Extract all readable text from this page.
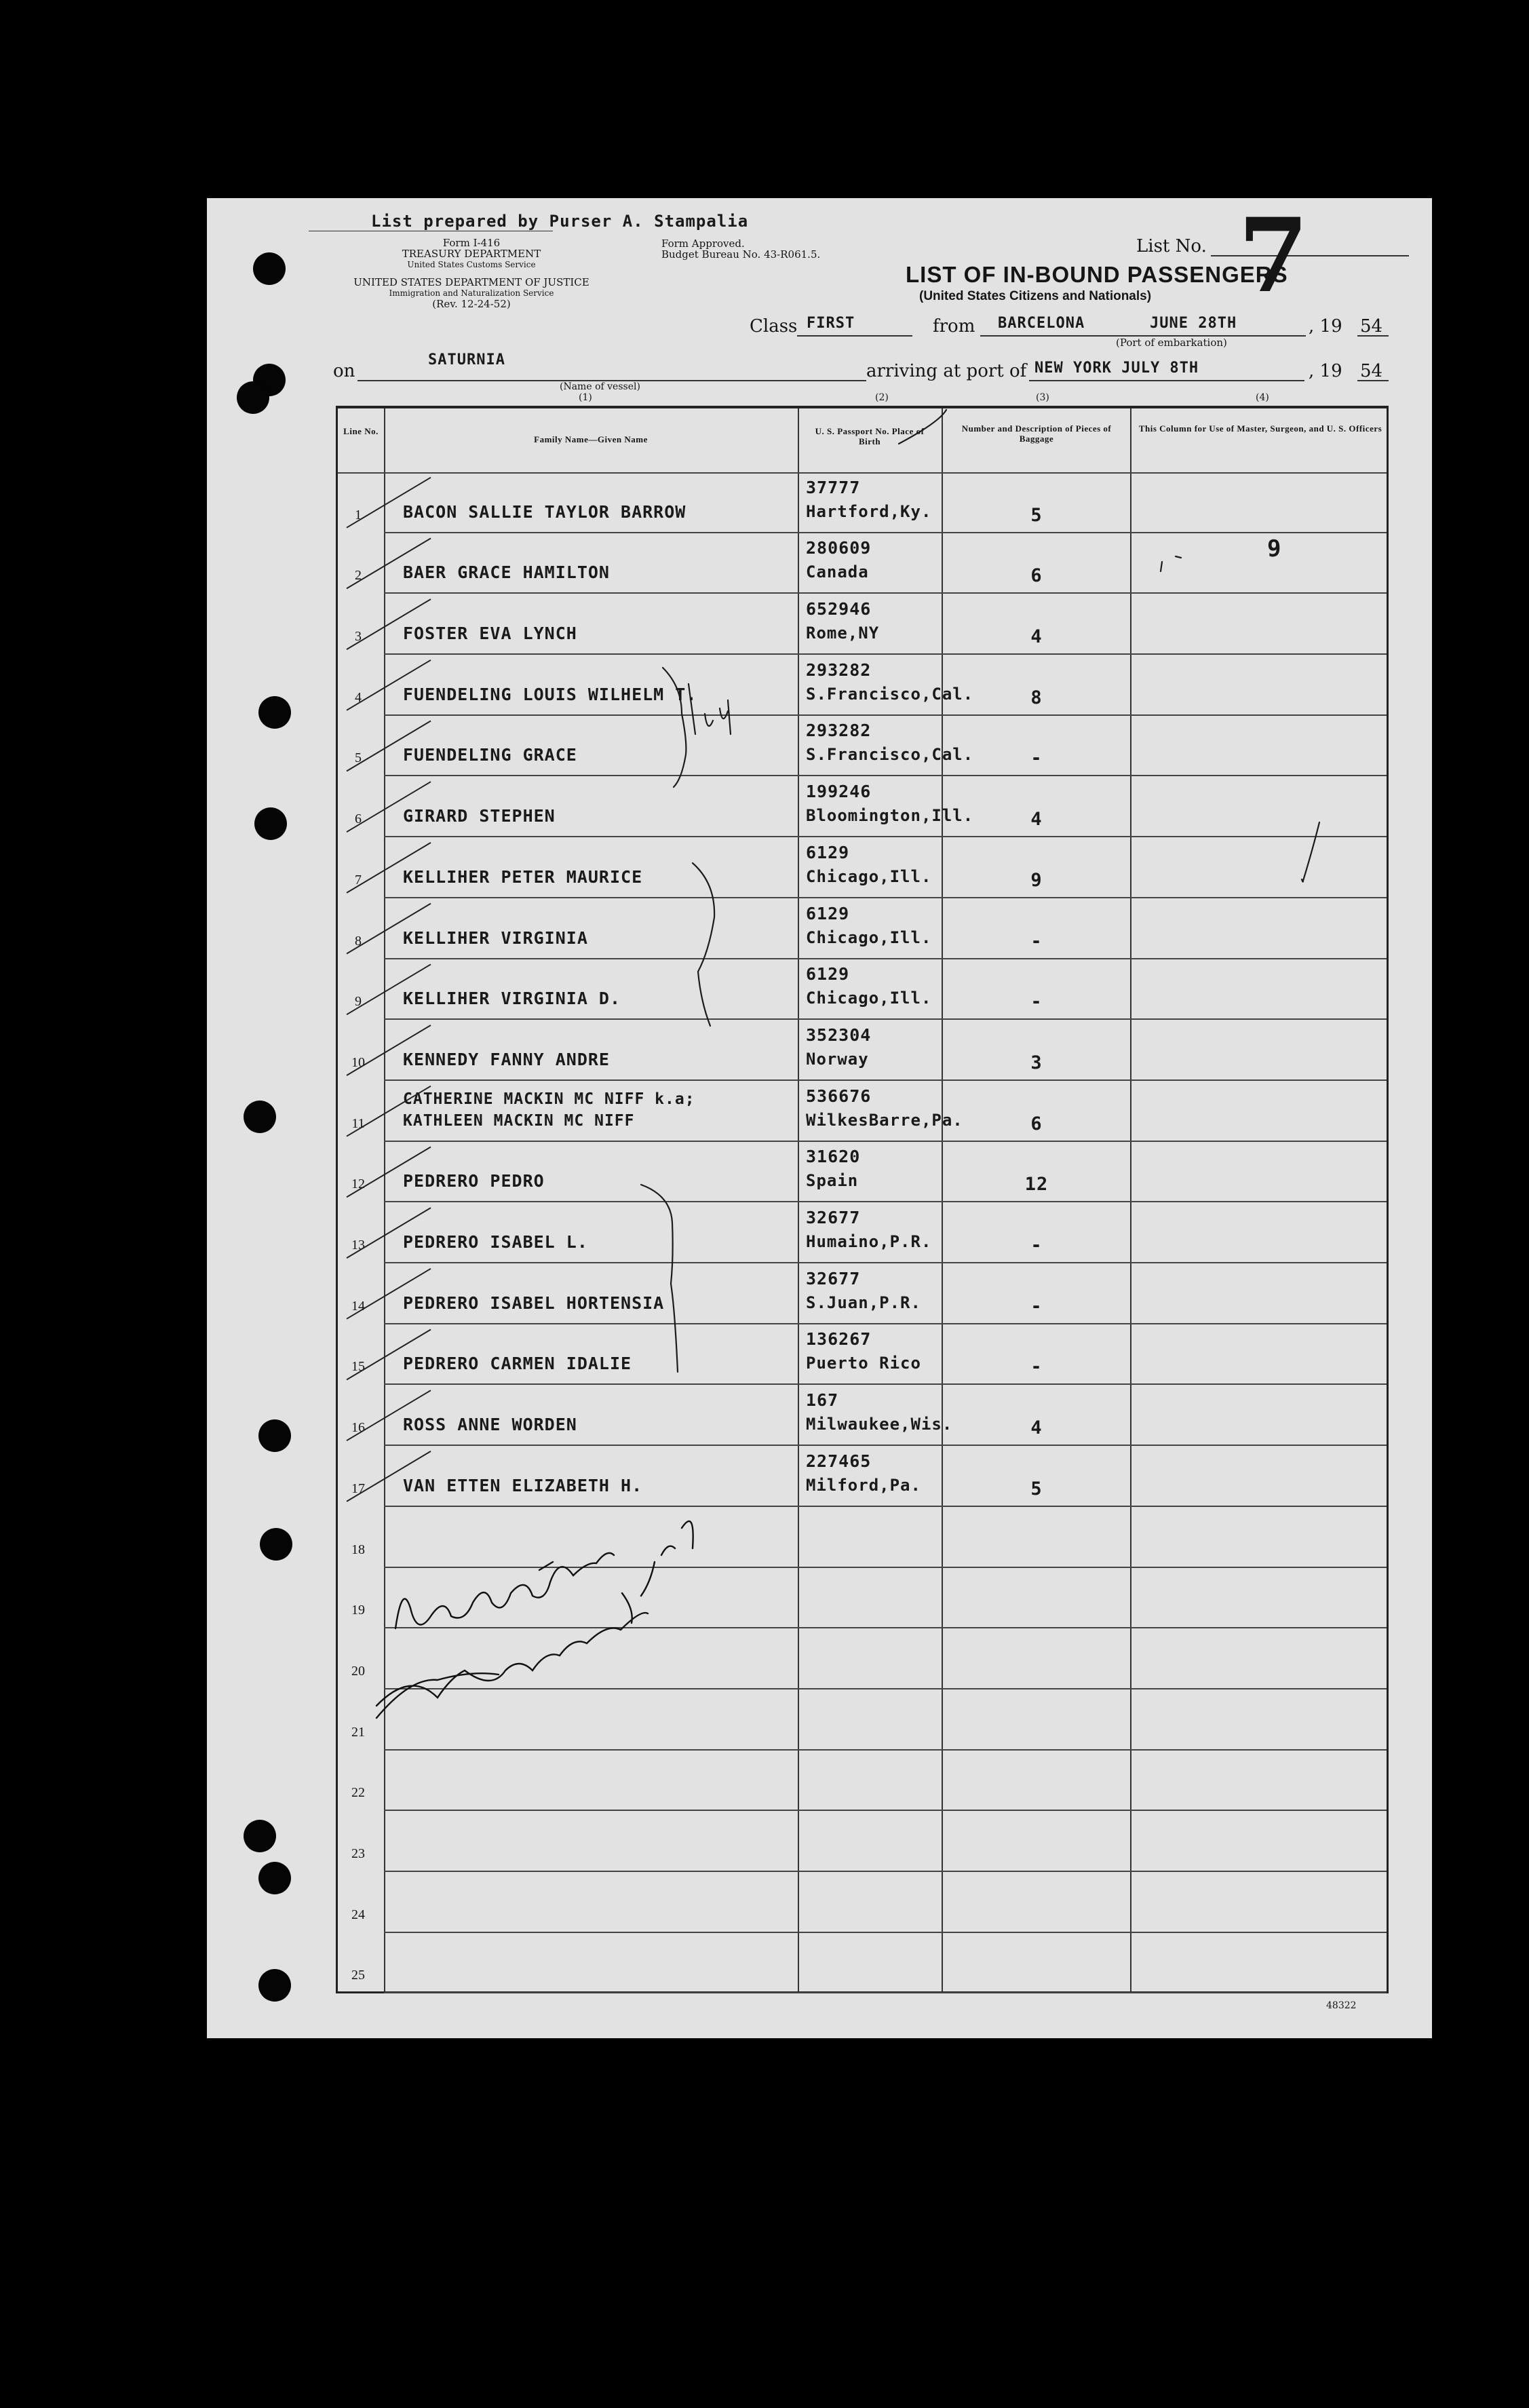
List prepared by Purser A. Stampalia
Form I-416
TREASURY DEPARTMENT
United States Customs Service
UNITED STATES DEPARTMENT OF JUSTICE
Immigration and Naturalization Service
(Rev. 12-24-52)
Form Approved.
Budget Bureau No. 43-R061.5.	List No. 7
LIST OF IN-BOUND PASSENGERS
(United States Citizens and Nationals)
Class FIRST	from BARCELONA	JUNE 28TH	, 19 54
(Port of embarkation)
on
SATURNIA
arriving at port of NEW YORK JULY 8TH	, 19 54
(Name of vessel)
(1)	(2)	(3)	(4)
Line No.
Family Name—Given Name
U. S. Passport No. Place of Birth
Number and Description of Pieces of Baggage
This Column for Use of Master, Surgeon, and U. S. Officers
1	BACON SALLIE TAYLOR BARROW
37777
Hartford,Ky.	5
2	BAER GRACE HAMILTON
280609
Canada	6
9
3	FOSTER EVA LYNCH
652946
Rome,NY	4
4	FUENDELING LOUIS WILHELM T.
293282
S.Francisco,Cal.	8
5	FUENDELING GRACE
293282
S.Francisco,Cal.	-
6	GIRARD STEPHEN
199246
Bloomington,Ill.	4
7	KELLIHER PETER MAURICE
6129
Chicago,Ill.	9
8	KELLIHER VIRGINIA
6129
Chicago,Ill.	-
9	KELLIHER VIRGINIA D.
6129
Chicago,Ill.	-
10	KENNEDY FANNY ANDRE
352304
Norway	3
11
CATHERINE MACKIN MC NIFF k.a;
KATHLEEN MACKIN MC NIFF
536676
WilkesBarre,Pa.	6
12	PEDRERO PEDRO
31620
Spain	12
13	PEDRERO ISABEL L.
32677
Humaino,P.R.	-
14	PEDRERO ISABEL HORTENSIA
32677
S.Juan,P.R.	-
15	PEDRERO CARMEN IDALIE
136267
Puerto Rico	-
16	ROSS ANNE WORDEN
167
Milwaukee,Wis.	4
17	VAN ETTEN ELIZABETH H.
227465
Milford,Pa.	5
18
19
20
21
22
23
24
25
48322
